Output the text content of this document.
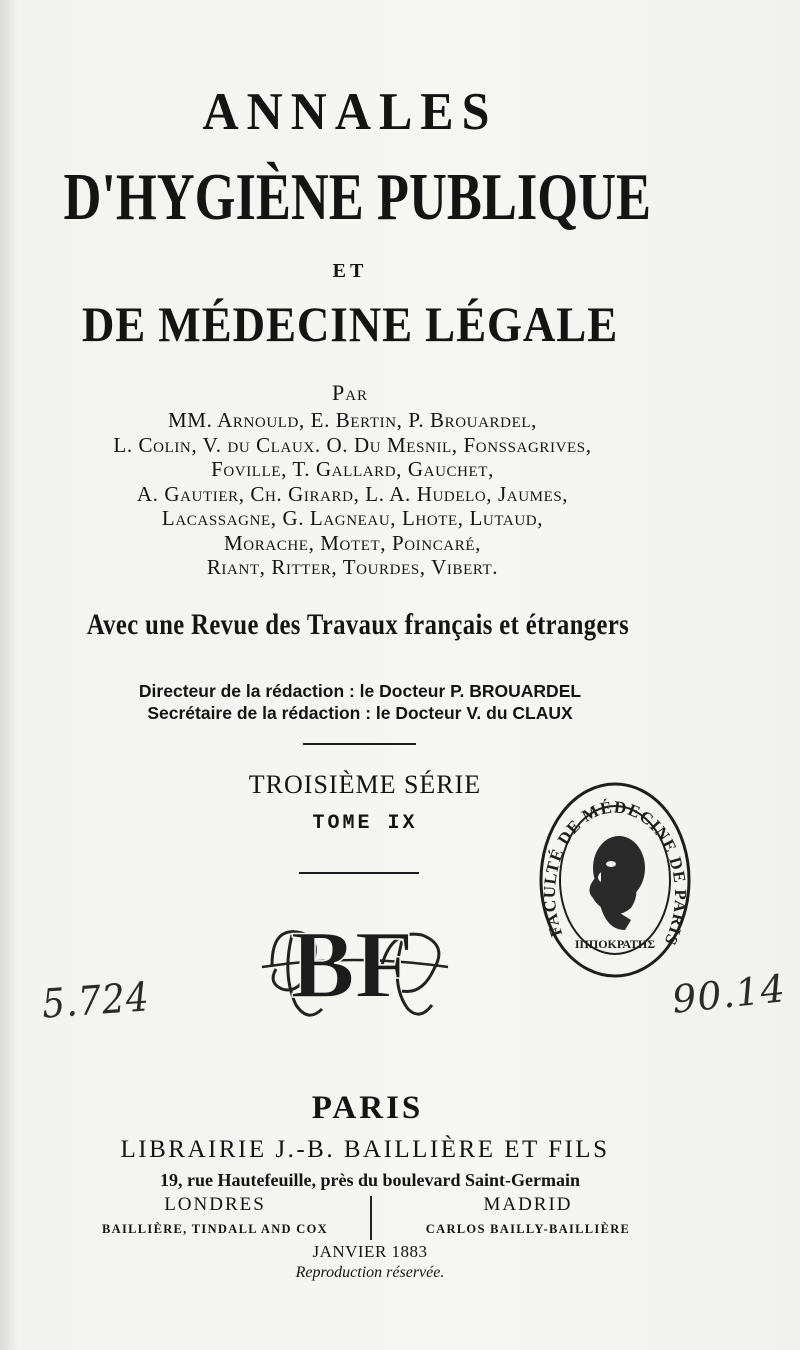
ANNALES
D'HYGIÈNE PUBLIQUE
ET
DE MÉDECINE LÉGALE
Par
MM. Arnould, E. Bertin, P. Brouardel,
L. Colin, V. du Claux. O. Du Mesnil, Fonssagrives,
Foville, T. Gallard, Gauchet,
A. Gautier, Ch. Girard, L. A. Hudelo, Jaumes,
Lacassagne, G. Lagneau, Lhote, Lutaud,
Morache, Motet, Poincaré,
Riant, Ritter, Tourdes, Vibert.
Avec une Revue des Travaux français et étrangers
Directeur de la rédaction : le Docteur P. BROUARDEL
Secrétaire de la rédaction : le Docteur V. du CLAUX
TROISIÈME SÉRIE
TOME IX
FACULTÉ DE MÉDECINE DE PARIS
ΙΠΠΟΚΡΑΤΗΣ
BF
5.724	90.14
PARIS
LIBRAIRIE J.-B. BAILLIÈRE ET FILS
19, rue Hautefeuille, près du boulevard Saint-Germain
LONDRES
BAILLIÈRE, TINDALL AND COX
MADRID
CARLOS BAILLY-BAILLIÈRE
JANVIER 1883
Reproduction réservée.
